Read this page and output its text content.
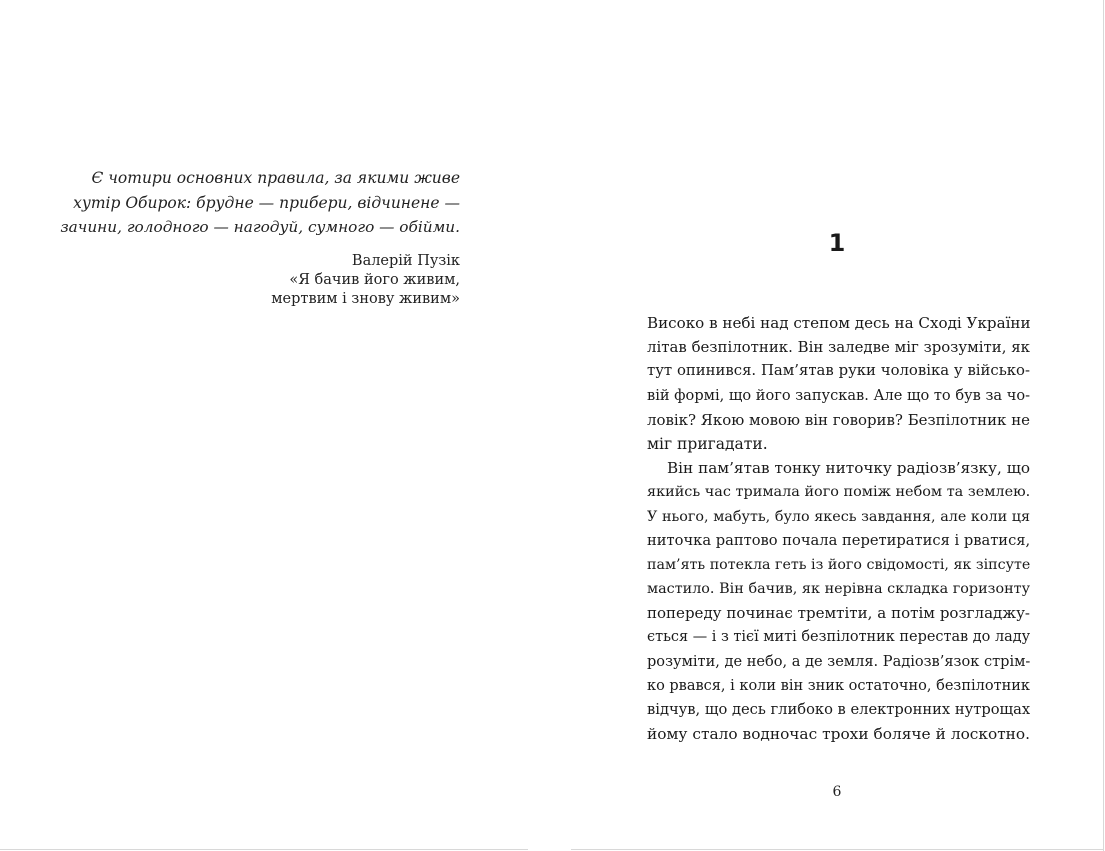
Є чотири основних правила, за якими живе
хутір Обирок: брудне — прибери, відчинене —
зачини, голодного — нагодуй, сумного — обійми.

Валерій Пузік
«Я бачив його живим,
мертвим і знову живим»
1
Високо в небі над степом десь на Сході України
літав безпілотник. Він заледве міг зрозуміти, як
тут опинився. Пам’ятав руки чоловіка у військо-
вій формі, що його запускав. Але що то був за чо-
ловік? Якою мовою він говорив? Безпілотник не
міг пригадати.
Він пам’ятав тонку ниточку радіозв’язку, що
якийсь час тримала його поміж небом та землею.
У нього, мабуть, було якесь завдання, але коли ця
ниточка раптово почала перетиратися і рватися,
пам’ять потекла геть із його свідомості, як зіпсуте
мастило. Він бачив, як нерівна складка горизонту
попереду починає тремтіти, а потім розгладжу-
ється — і з тієї миті безпілотник перестав до ладу
розуміти, де небо, а де земля. Радіозв’язок стрім-
ко рвався, і коли він зник остаточно, безпілотник
відчув, що десь глибоко в електронних нутрощах
йому стало водночас трохи боляче й лоскотно.
6
